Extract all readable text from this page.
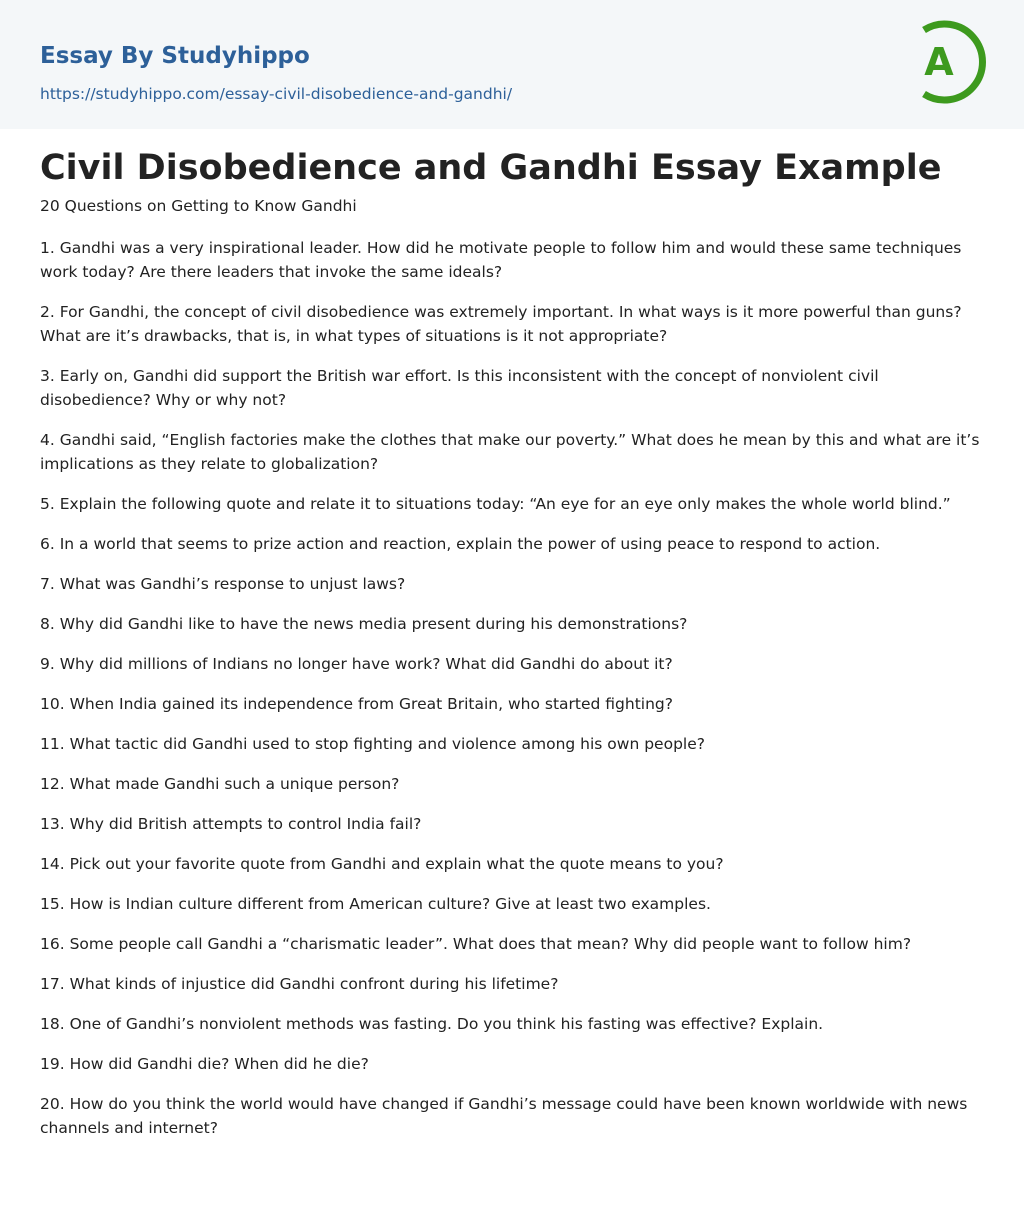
Essay By Studyhippo
https://studyhippo.com/essay-civil-disobedience-and-gandhi/
A
Civil Disobedience and Gandhi Essay Example

20 Questions on Getting to Know Gandhi

1. Gandhi was a very inspirational leader. How did he motivate people to follow him and would these same techniques work today? Are there leaders that invoke the same ideals?

2. For Gandhi, the concept of civil disobedience was extremely important. In what ways is it more powerful than guns? What are it’s drawbacks, that is, in what types of situations is it not appropriate?

3. Early on, Gandhi did support the British war effort. Is this inconsistent with the concept of nonviolent civil disobedience? Why or why not?

4. Gandhi said, “English factories make the clothes that make our poverty.” What does he mean by this and what are it’s implications as they relate to globalization?

5. Explain the following quote and relate it to situations today: “An eye for an eye only makes the whole world blind.”

6. In a world that seems to prize action and reaction, explain the power of using peace to respond to action.

7. What was Gandhi’s response to unjust laws?

8. Why did Gandhi like to have the news media present during his demonstrations?

9. Why did millions of Indians no longer have work? What did Gandhi do about it?

10. When India gained its independence from Great Britain, who started fighting?

11. What tactic did Gandhi used to stop fighting and violence among his own people?

12. What made Gandhi such a unique person?

13. Why did British attempts to control India fail?

14. Pick out your favorite quote from Gandhi and explain what the quote means to you?

15. How is Indian culture different from American culture? Give at least two examples.

16. Some people call Gandhi a “charismatic leader”. What does that mean? Why did people want to follow him?

17. What kinds of injustice did Gandhi confront during his lifetime?

18. One of Gandhi’s nonviolent methods was fasting. Do you think his fasting was effective? Explain.

19. How did Gandhi die? When did he die?

20. How do you think the world would have changed if Gandhi’s message could have been known worldwide with news channels and internet?
